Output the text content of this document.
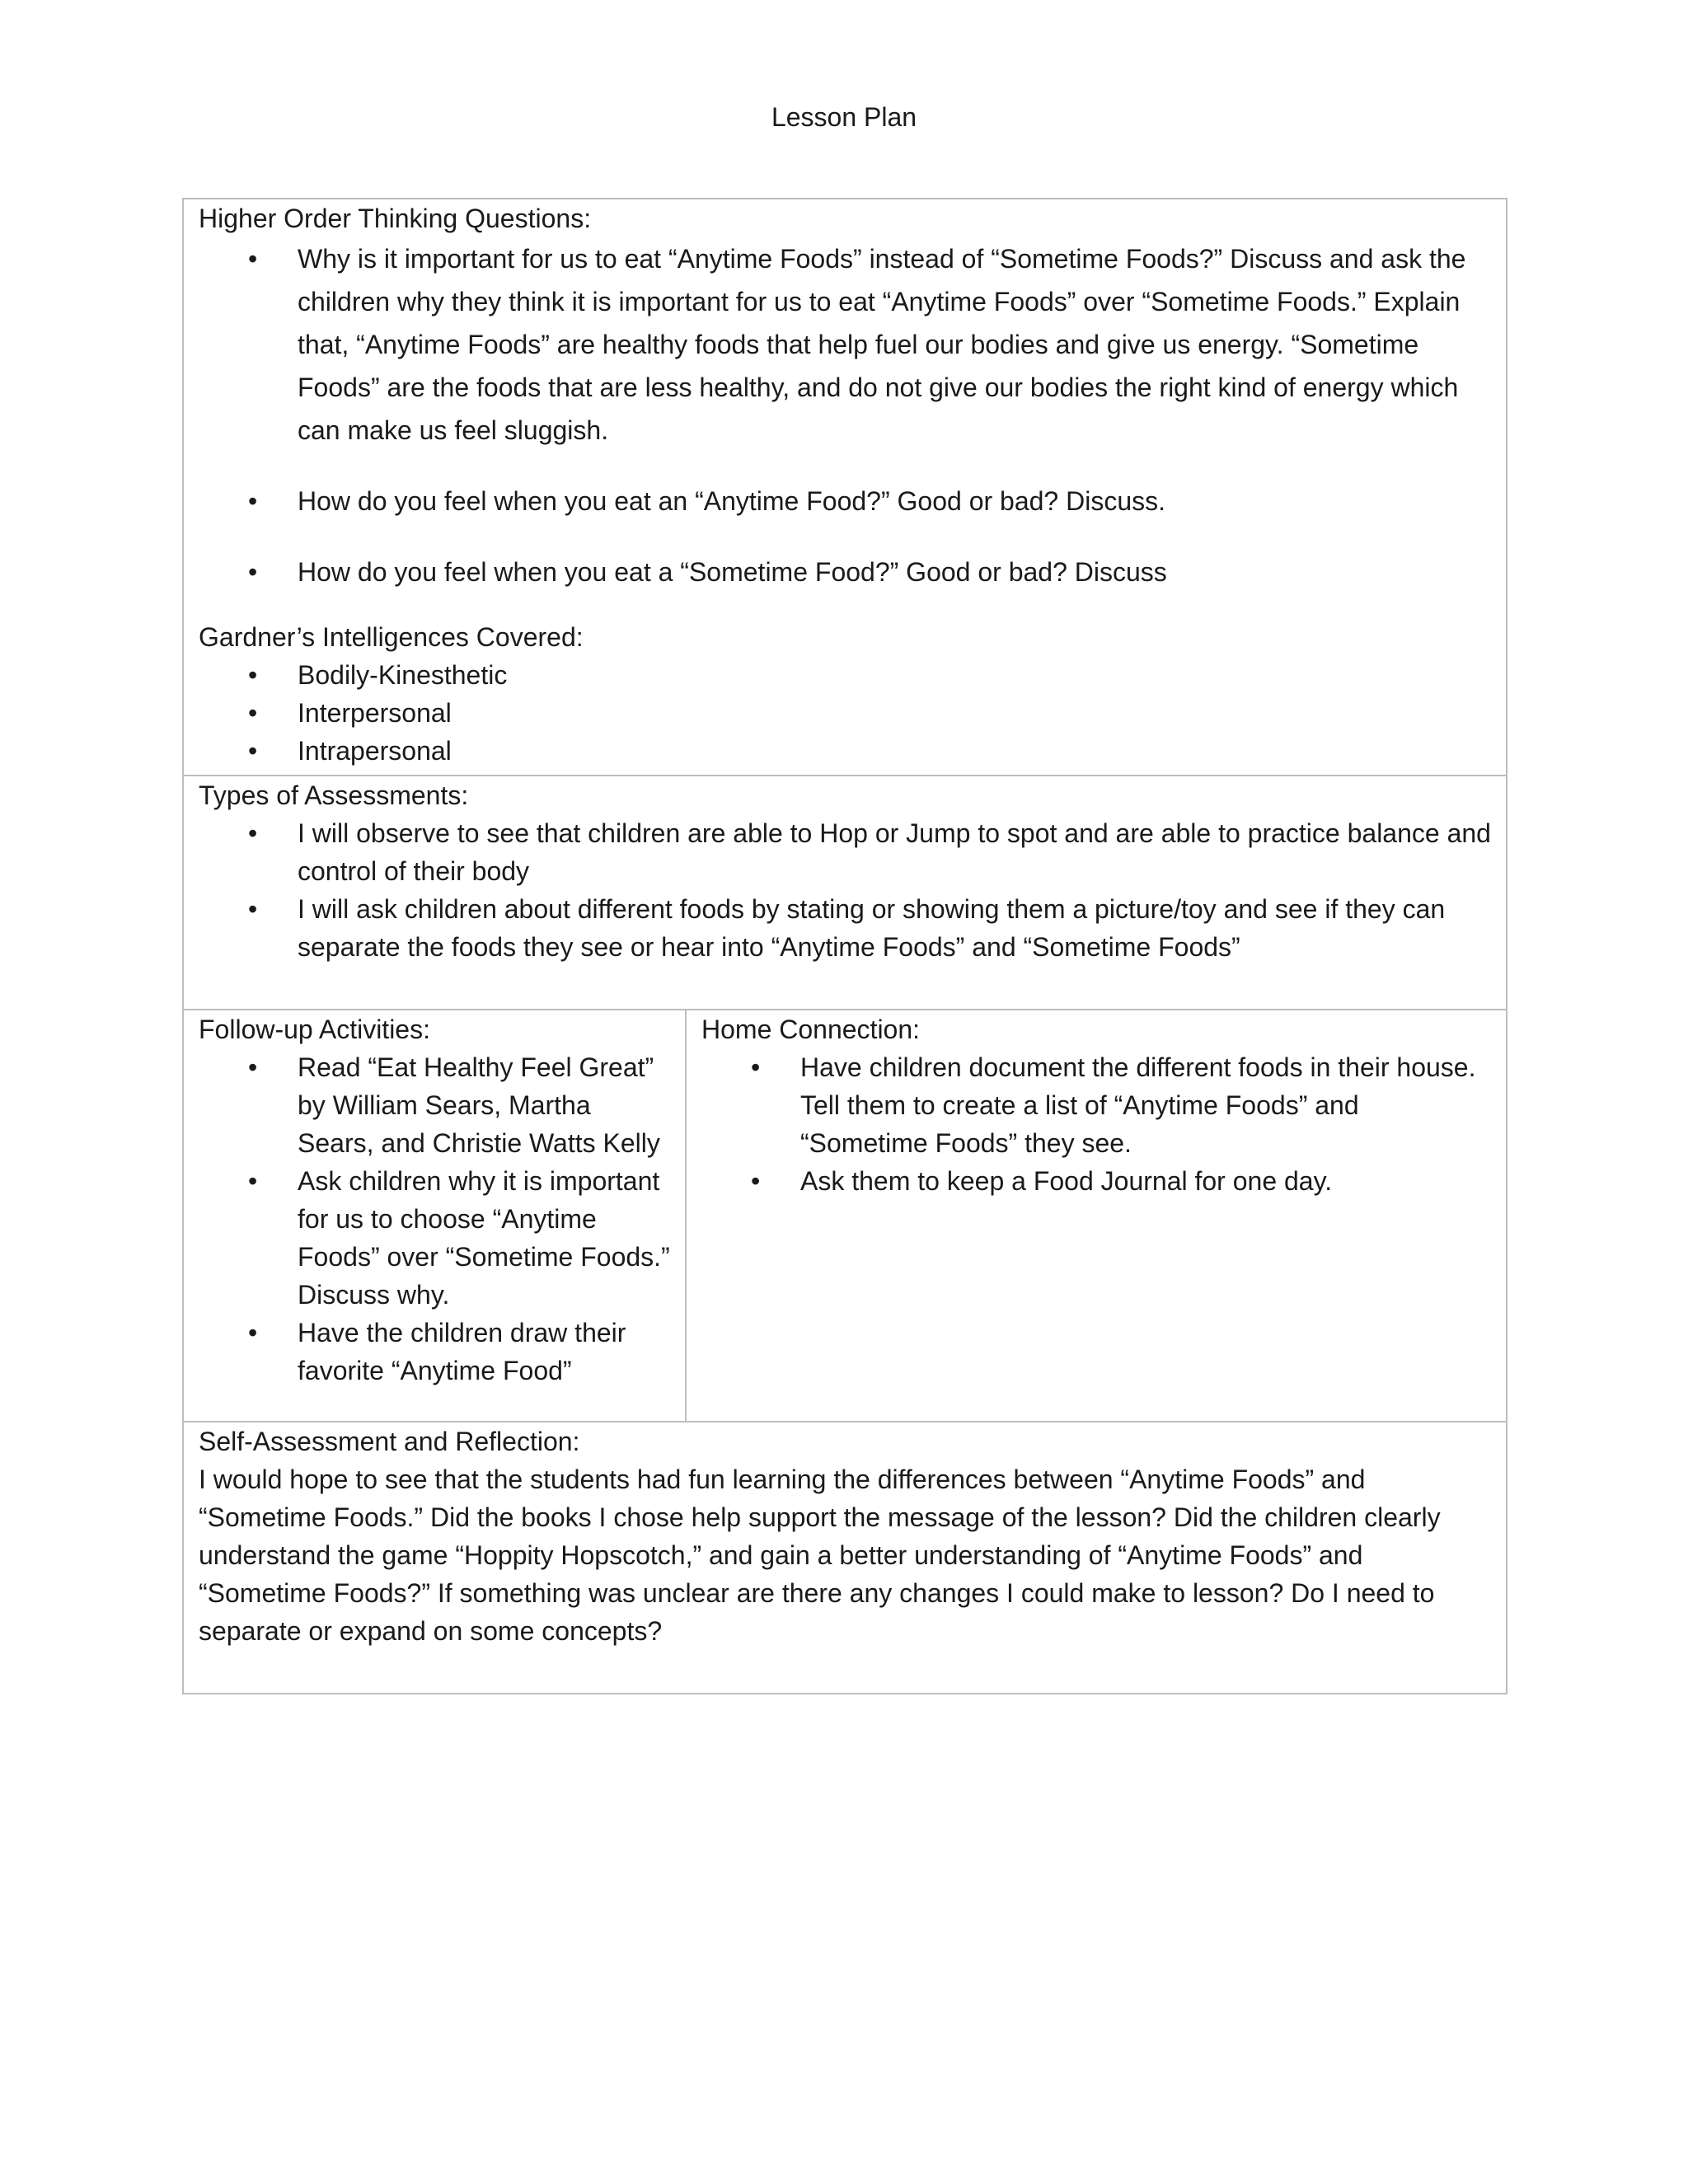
Lesson Plan
Higher Order Thinking Questions:
• Why is it important for us to eat “Anytime Foods” instead of “Sometime Foods?” Discuss and ask the children why they think it is important for us to eat “Anytime Foods” over “Sometime Foods.” Explain that, “Anytime Foods” are healthy foods that help fuel our bodies and give us energy. “Sometime Foods” are the foods that are less healthy, and do not give our bodies the right kind of energy which can make us feel sluggish.
• How do you feel when you eat an “Anytime Food?” Good or bad? Discuss.
• How do you feel when you eat a “Sometime Food?” Good or bad? Discuss
Gardner’s Intelligences Covered:
• Bodily-Kinesthetic
• Interpersonal
• Intrapersonal

Types of Assessments:
• I will observe to see that children are able to Hop or Jump to spot and are able to practice balance and control of their body
• I will ask children about different foods by stating or showing them a picture/toy and see if they can separate the foods they see or hear into “Anytime Foods” and “Sometime Foods”

Follow-up Activities:
• Read “Eat Healthy Feel Great” by William Sears, Martha Sears, and Christie Watts Kelly
• Ask children why it is important for us to choose “Anytime Foods” over “Sometime Foods.” Discuss why.
• Have the children draw their favorite “Anytime Food”

Home Connection:
• Have children document the different foods in their house. Tell them to create a list of “Anytime Foods” and “Sometime Foods” they see.
• Ask them to keep a Food Journal for one day.

Self-Assessment and Reflection:
I would hope to see that the students had fun learning the differences between “Anytime Foods” and “Sometime Foods.” Did the books I chose help support the message of the lesson? Did the children clearly understand the game “Hoppity Hopscotch,” and gain a better understanding of “Anytime Foods” and “Sometime Foods?” If something was unclear are there any changes I could make to lesson? Do I need to separate or expand on some concepts?
